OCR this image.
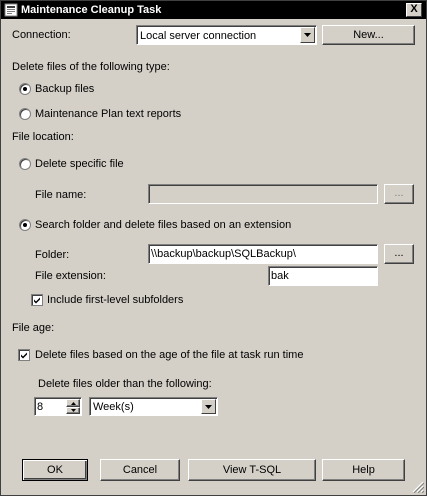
Maintenance Cleanup Task	X
Connection:	Local server connection	New...
Delete files of the following type:
Backup files
Maintenance Plan text reports
File location:
Delete specific file
File name:	...
Search folder and delete files based on an extension
Folder:	\\backup\backup\SQLBackup\	...
File extension:	bak
Include first-level subfolders
File age:
Delete files based on the age of the file at task run time
Delete files older than the following:
8	Week(s)
OK	Cancel	View T-SQL	Help
